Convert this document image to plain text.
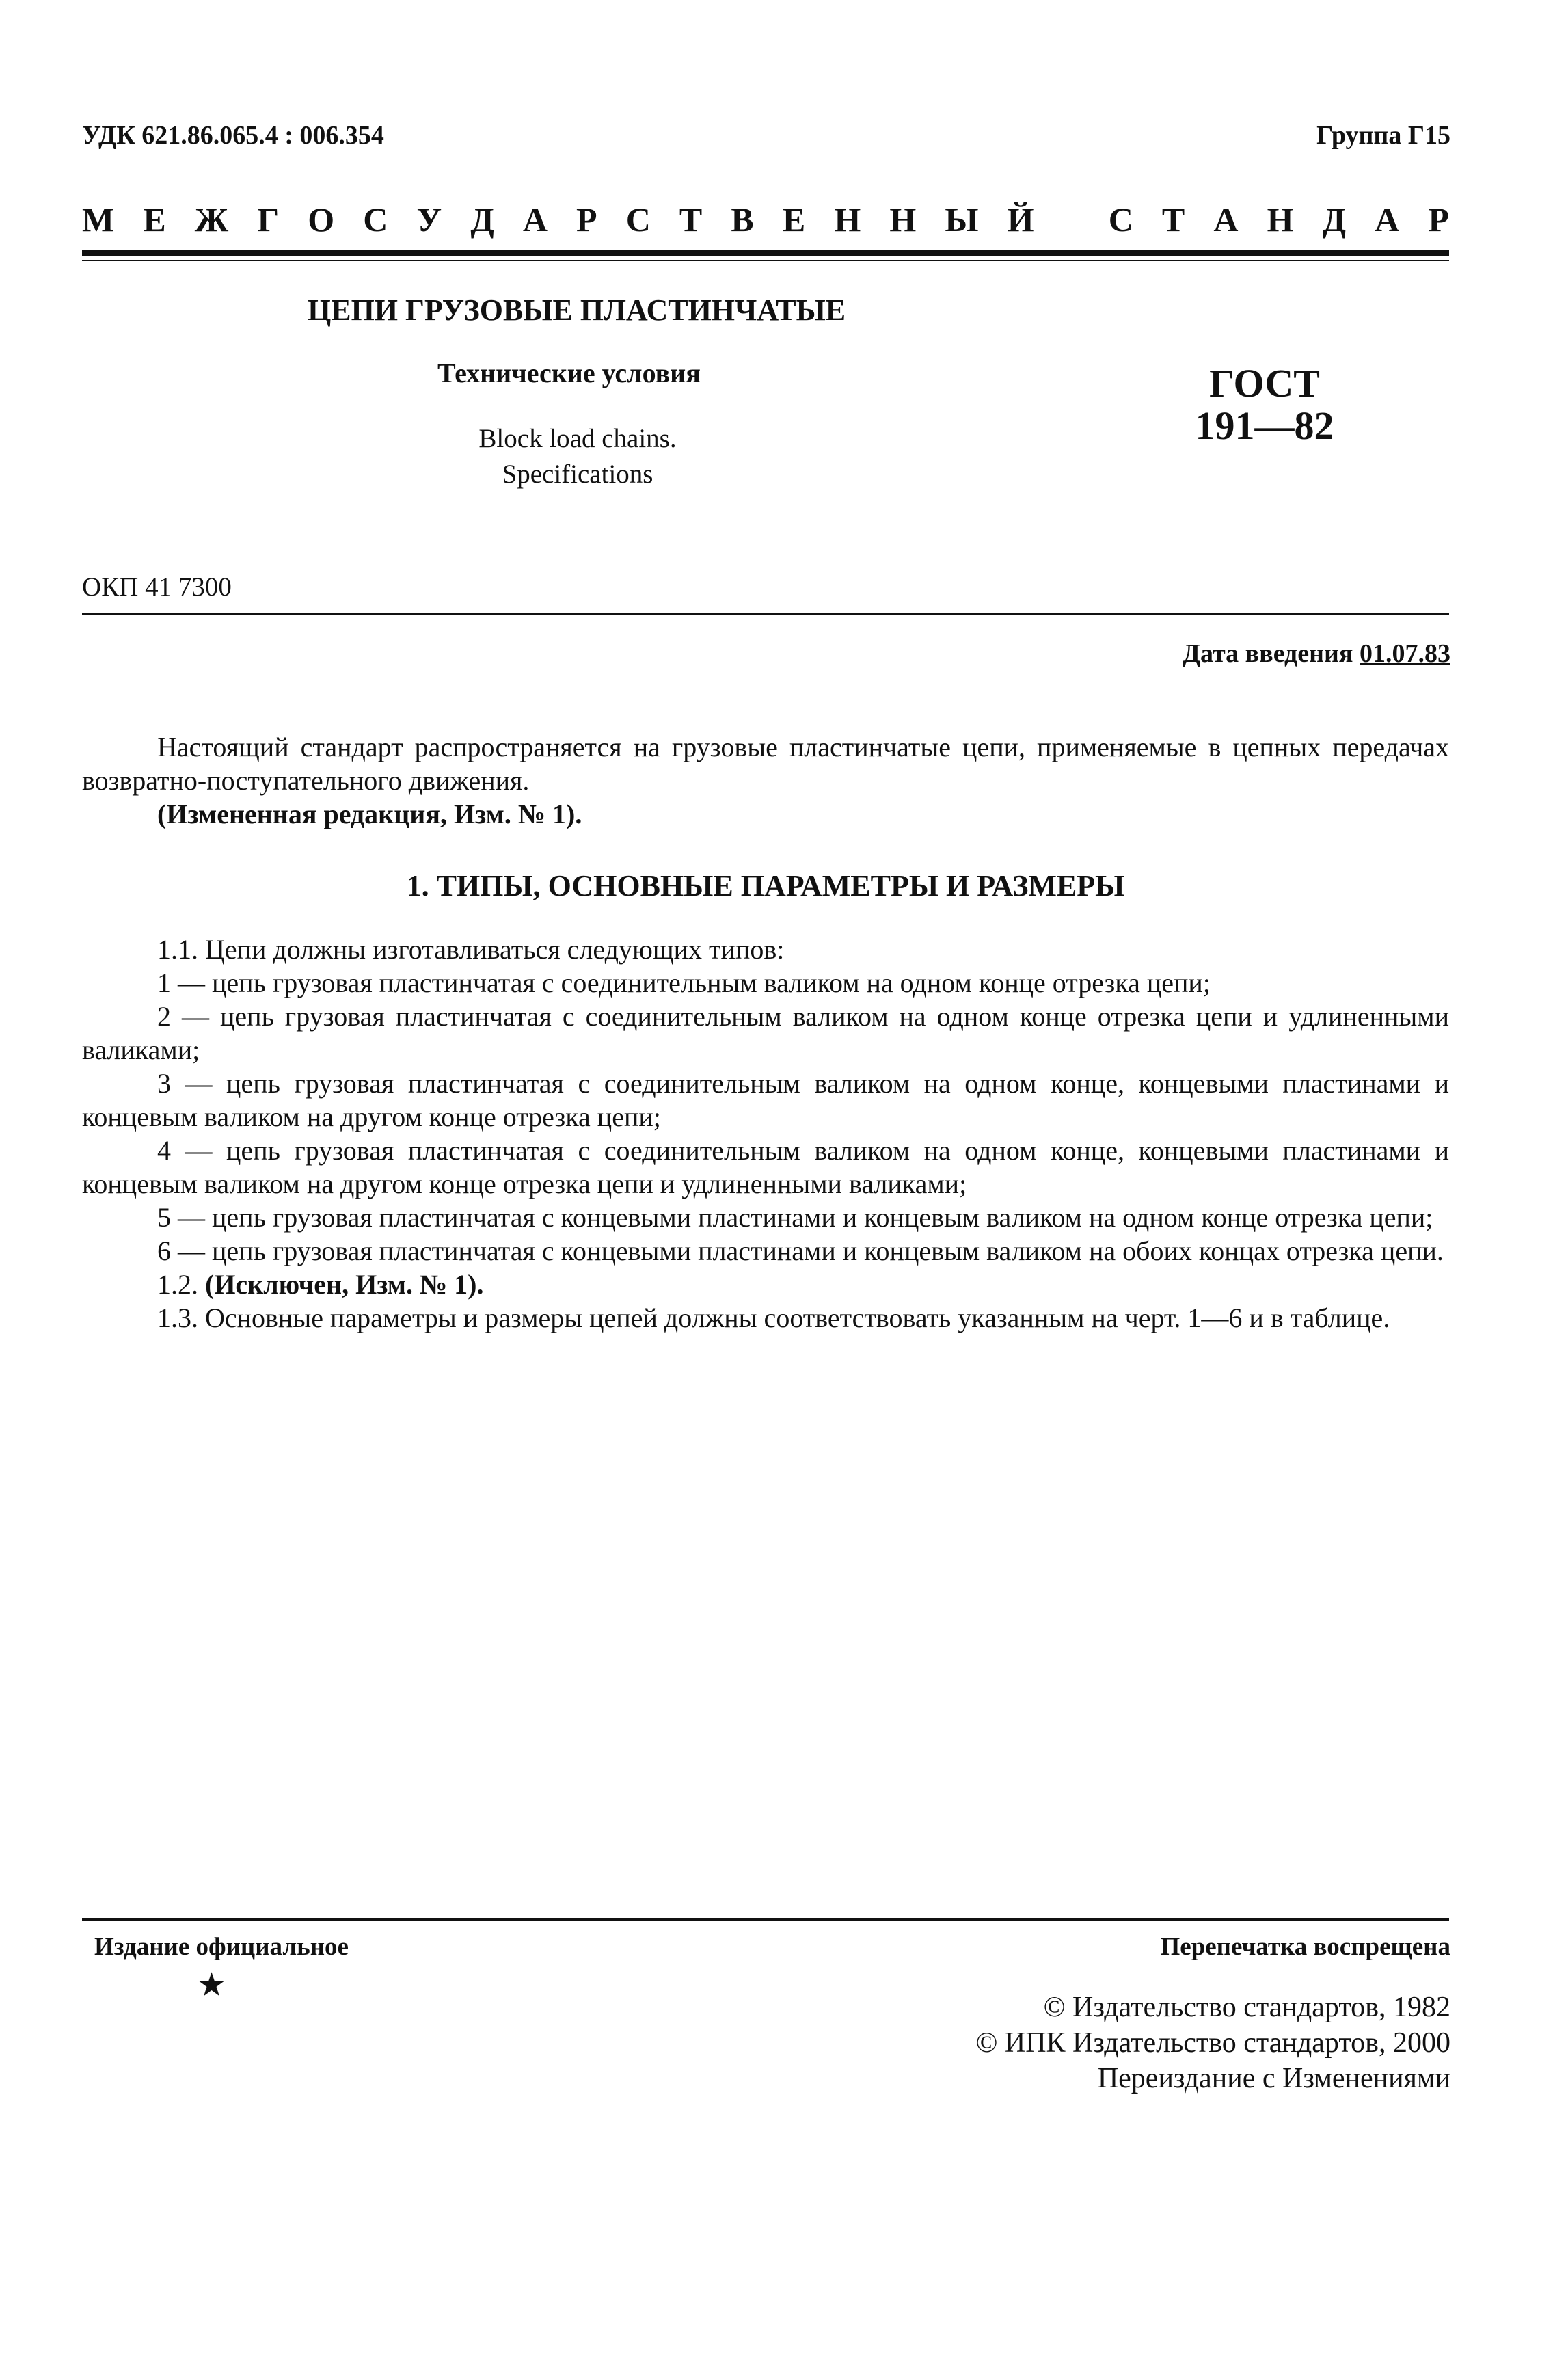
УДК 621.86.065.4 : 006.354	Группа Г15
М Е Ж Г О С У Д А Р С Т В Е Н Н Ы Й
С Т А Н Д А Р
ЦЕПИ ГРУЗОВЫЕ ПЛАСТИНЧАТЫЕ
Технические условия
Block load chains.
Specifications
ГОСТ
191—82
ОКП 41 7300
Дата введения 01.07.83

Настоящий стандарт распространяется на грузовые пластинчатые цепи, применяемые в цепных передачах возвратно-поступательного движения.

(Измененная редакция, Изм. № 1).

1. ТИПЫ, ОСНОВНЫЕ ПАРАМЕТРЫ И РАЗМЕРЫ

1.1. Цепи должны изготавливаться следующих типов:

1 — цепь грузовая пластинчатая с соединительным валиком на одном конце отрезка цепи;

2 — цепь грузовая пластинчатая с соединительным валиком на одном конце отрезка цепи и удлиненными валиками;

3 — цепь грузовая пластинчатая с соединительным валиком на одном конце, концевыми пластинами и концевым валиком на другом конце отрезка цепи;

4 — цепь грузовая пластинчатая с соединительным валиком на одном конце, концевыми пластинами и концевым валиком на другом конце отрезка цепи и удлиненными валиками;

5 — цепь грузовая пластинчатая с концевыми пластинами и концевым валиком на одном конце отрезка цепи;

6 — цепь грузовая пластинчатая с концевыми пластинами и концевым валиком на обоих концах отрезка цепи.

1.2. (Исключен, Изм. № 1).

1.3. Основные параметры и размеры цепей должны соответствовать указанным на черт. 1—6 и в таблице.

Издание официальное
★
Перепечатка воспрещена
© Издательство стандартов, 1982
© ИПК Издательство стандартов, 2000
Переиздание с Изменениями
